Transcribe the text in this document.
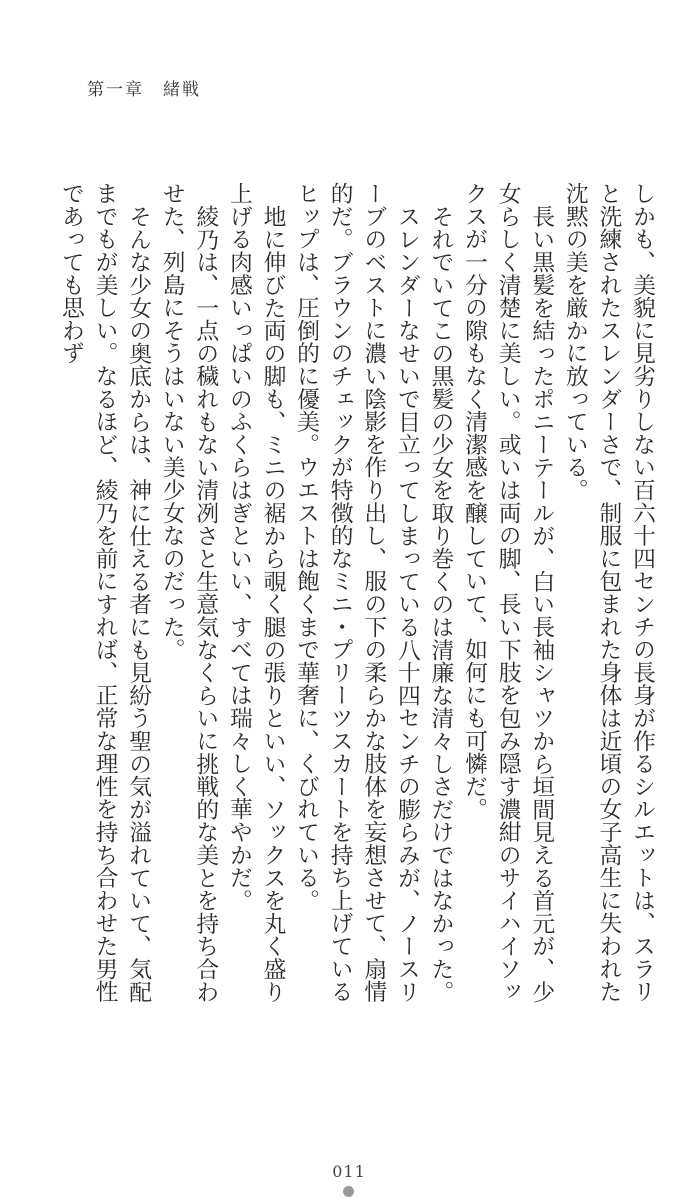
第一章　 緒戦

しかも、美貌に見劣りしない百六十四センチの長身が作るシルエットは、スラリと洗練されたスレンダーさで、制服に包まれた身体は近頃の女子高生に失われた沈黙の美を厳かに放っている。

長い黒髪を結ったポニーテールが、白い長袖シャツから垣間見える首元が、少女らしく清楚に美しい。或いは両の脚、長い下肢を包み隠す濃紺のサイハイソックスが一分の隙もなく清潔感を醸していて、如何にも可憐だ。

それでいてこの黒髪の少女を取り巻くのは清廉な清々しさだけではなかった。

スレンダーなせいで目立ってしまっている八十四センチの膨らみが、ノースリーブのベストに濃い陰影を作り出し、服の下の柔らかな肢体を妄想させて、扇情的だ。ブラウンのチェックが特徴的なミニ・プリーツスカートを持ち上げているヒップは、圧倒的に優美。ウエストは飽くまで華奢に、くびれている。

地に伸びた両の脚も、ミニの裾から覗く腿の張りといい、ソックスを丸く盛り上げる肉感いっぱいのふくらはぎといい、すべては瑞々しく華やかだ。

綾乃は、一点の穢れもない清冽さと生意気なくらいに挑戦的な美とを持ち合わせた、列島にそうはいない美少女なのだった。

そんな少女の奥底からは、神に仕える者にも見紛う聖の気が溢れていて、気配までもが美しい。なるほど、綾乃を前にすれば、正常な理性を持ち合わせた男性であっても思わず

011
